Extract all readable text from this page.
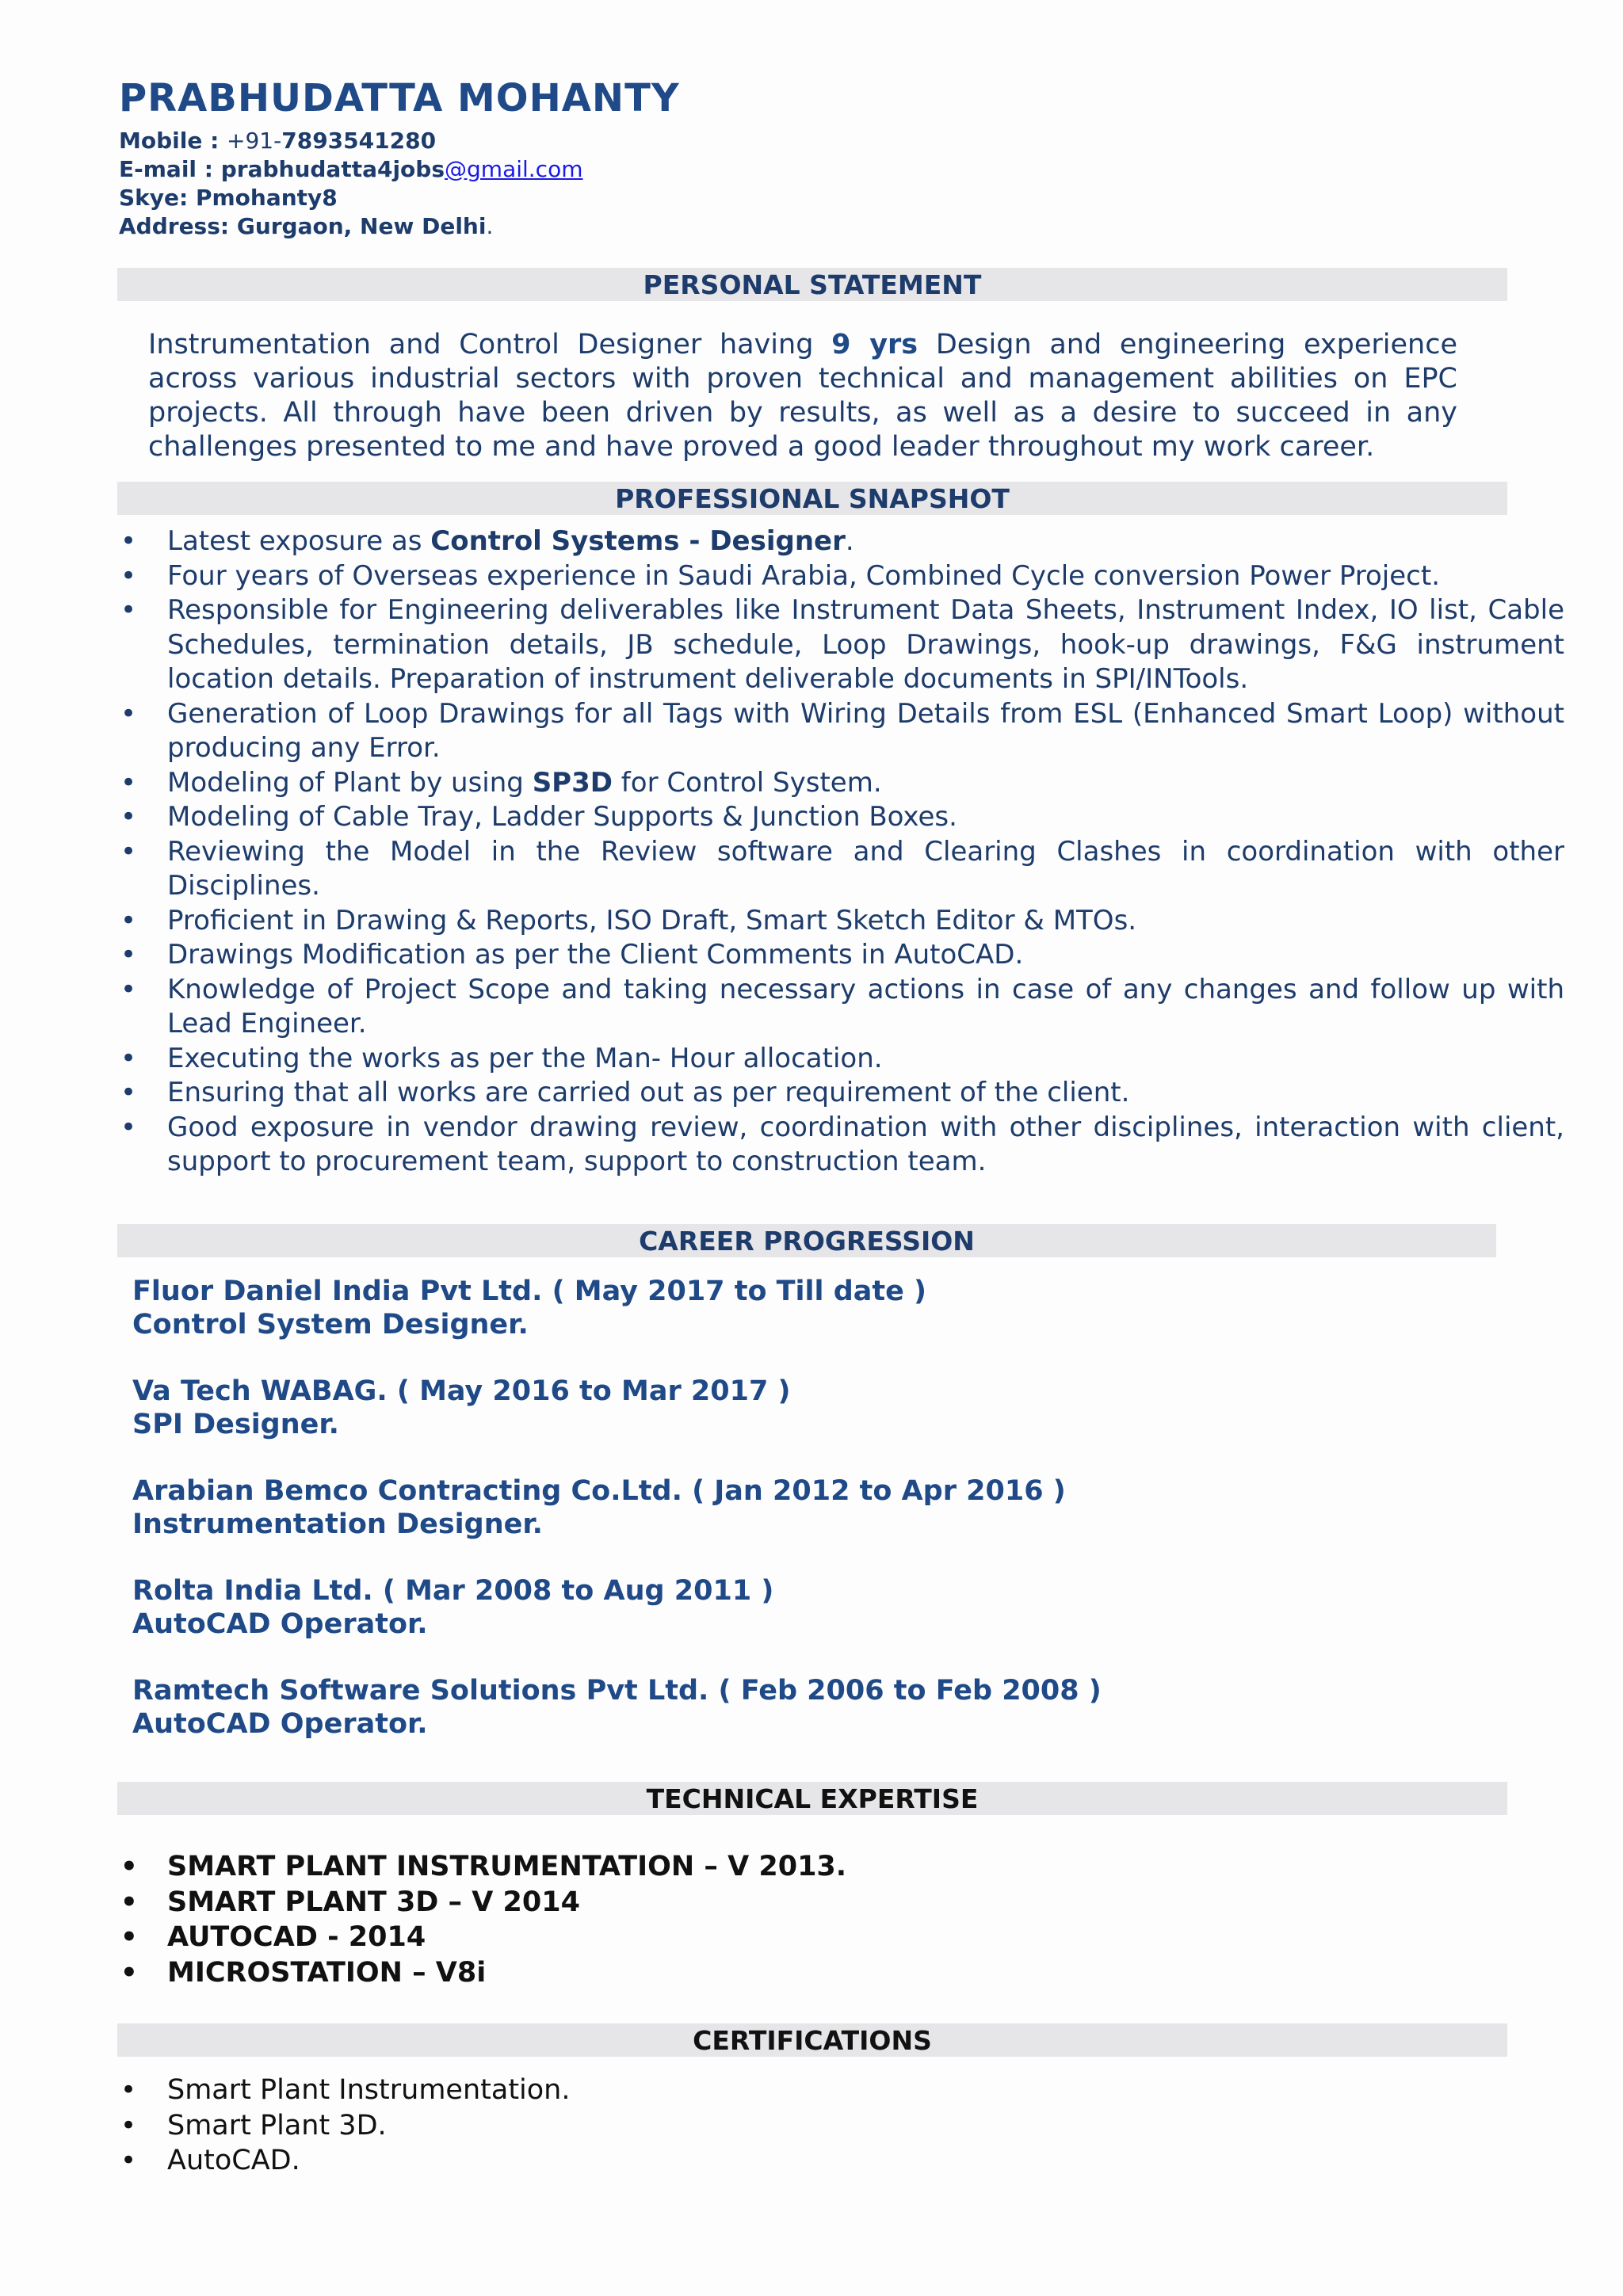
PRABHUDATTA MOHANTY
Mobile : +91-7893541280
E-mail : prabhudatta4jobs@gmail.com
Skye: Pmohanty8
Address: Gurgaon, New Delhi.
PERSONAL STATEMENT
Instrumentation and Control Designer having 9 yrs Design and engineering experience across various industrial sectors with proven technical and management abilities on EPC projects. All through have been driven by results, as well as a desire to succeed in any challenges presented to me and have proved a good leader throughout my work career.
PROFESSIONAL SNAPSHOT
• Latest exposure as Control Systems - Designer.
• Four years of Overseas experience in Saudi Arabia, Combined Cycle conversion Power Project.
• Responsible for Engineering deliverables like Instrument Data Sheets, Instrument Index, IO list, Cable Schedules, termination details, JB schedule, Loop Drawings, hook-up drawings, F&G instrument location details. Preparation of instrument deliverable documents in SPI/INTools.
• Generation of Loop Drawings for all Tags with Wiring Details from ESL (Enhanced Smart Loop) without producing any Error.
• Modeling of Plant by using SP3D for Control System.
• Modeling of Cable Tray, Ladder Supports & Junction Boxes.
• Reviewing the Model in the Review software and Clearing Clashes in coordination with other Disciplines.
• Proficient in Drawing & Reports, ISO Draft, Smart Sketch Editor & MTOs.
• Drawings Modification as per the Client Comments in AutoCAD.
• Knowledge of Project Scope and taking necessary actions in case of any changes and follow up with Lead Engineer.
• Executing the works as per the Man- Hour allocation.
• Ensuring that all works are carried out as per requirement of the client.
• Good exposure in vendor drawing review, coordination with other disciplines, interaction with client, support to procurement team, support to construction team.
CAREER PROGRESSION
Fluor Daniel India Pvt Ltd. ( May 2017 to Till date )
Control System Designer.
Va Tech WABAG. ( May 2016 to Mar 2017 )
SPI Designer.
Arabian Bemco Contracting Co.Ltd. ( Jan 2012 to Apr 2016 )
Instrumentation Designer.
Rolta India Ltd. ( Mar 2008 to Aug 2011 )
AutoCAD Operator.
Ramtech Software Solutions Pvt Ltd. ( Feb 2006 to Feb 2008 )
AutoCAD Operator.
TECHNICAL EXPERTISE
• SMART PLANT INSTRUMENTATION – V 2013.
• SMART PLANT 3D – V 2014
• AUTOCAD - 2014
• MICROSTATION – V8i
CERTIFICATIONS
• Smart Plant Instrumentation.
• Smart Plant 3D.
• AutoCAD.
